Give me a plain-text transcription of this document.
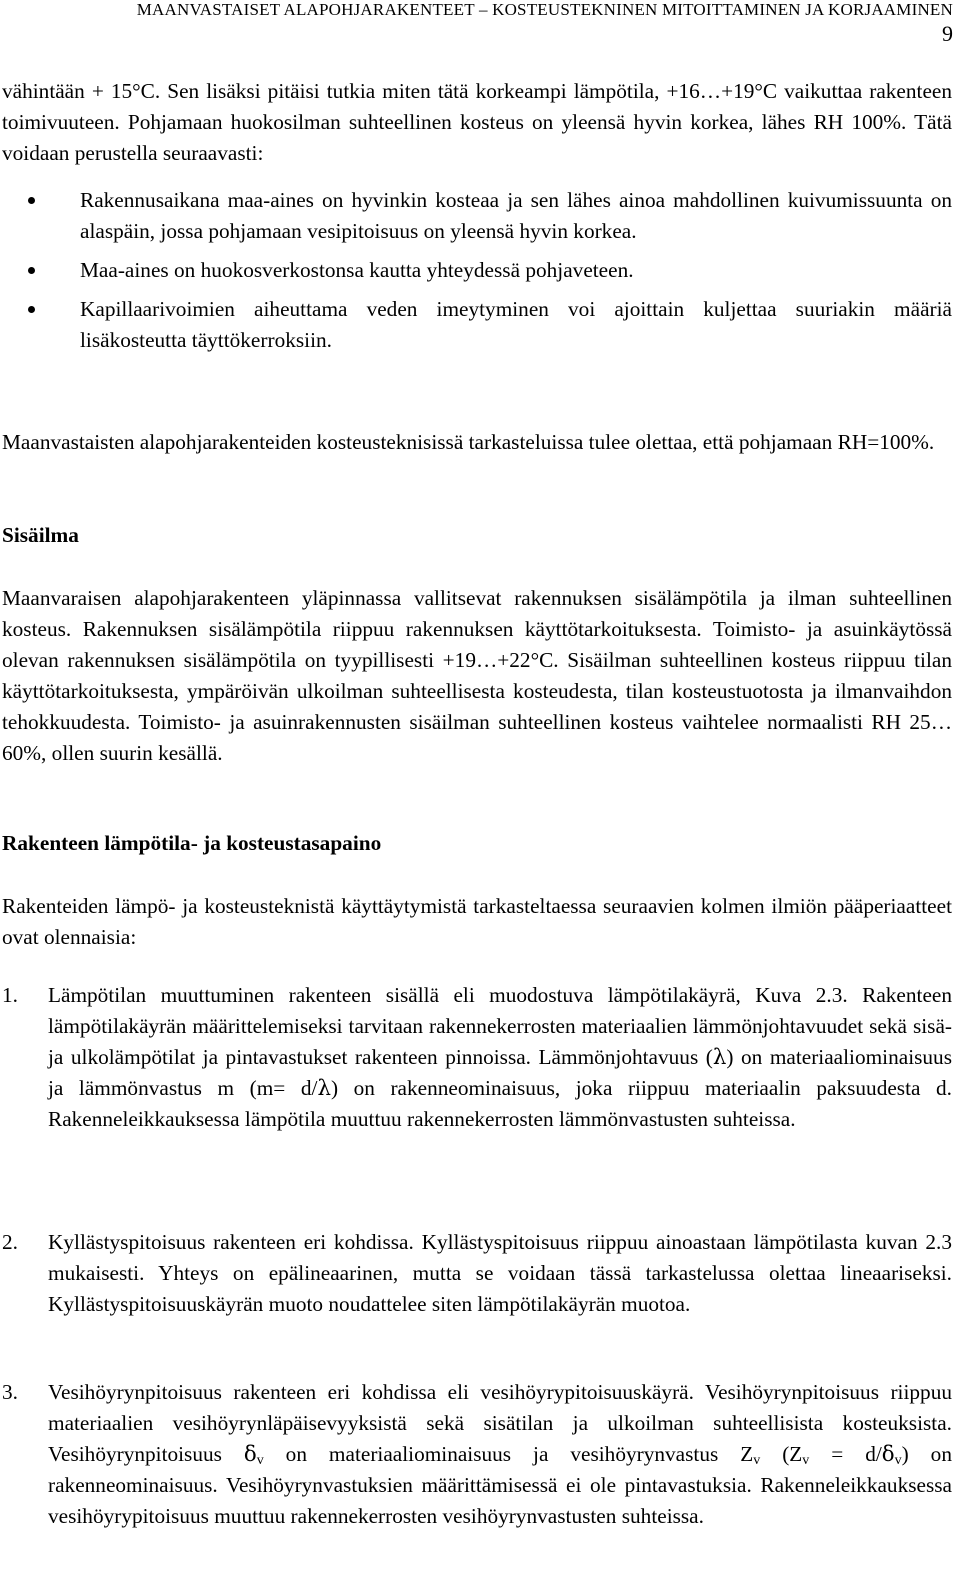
MAANVASTAISET ALAPOHJARAKENTEET – KOSTEUSTEKNINEN MITOITTAMINEN JA KORJAAMINEN
9
vähintään + 15°C. Sen lisäksi pitäisi tutkia miten tätä korkeampi lämpötila, +16…+19°C vaikuttaa rakenteen toimivuuteen. Pohjamaan huokosilman suhteellinen kosteus on yleensä hyvin korkea, lähes RH 100%. Tätä voidaan perustella seuraavasti:
Rakennusaikana maa-aines on hyvinkin kosteaa ja sen lähes ainoa mahdollinen kuivumissuunta on alaspäin, jossa pohjamaan vesipitoisuus on yleensä hyvin korkea.
Maa-aines on huokosverkostonsa kautta yhteydessä pohjaveteen.
Kapillaarivoimien aiheuttama veden imeytyminen voi ajoittain kuljettaa suuriakin määriä lisäkosteutta täyttökerroksiin.
Maanvastaisten alapohjarakenteiden kosteusteknisissä tarkasteluissa tulee olettaa, että pohjamaan RH=100%.
Sisäilma
Maanvaraisen alapohjarakenteen yläpinnassa vallitsevat rakennuksen sisälämpötila ja ilman suhteellinen kosteus. Rakennuksen sisälämpötila riippuu rakennuksen käyttötarkoituksesta. Toimisto- ja asuinkäytössä olevan rakennuksen sisälämpötila on tyypillisesti +19…+22°C. Sisäilman suhteellinen kosteus riippuu tilan käyttötarkoituksesta, ympäröivän ulkoilman suhteellisesta kosteudesta, tilan kosteustuotosta ja ilmanvaihdon tehokkuudesta. Toimisto- ja asuinrakennusten sisäilman suhteellinen kosteus vaihtelee normaalisti RH 25…60%, ollen suurin kesällä.
Rakenteen lämpötila- ja kosteustasapaino
Rakenteiden lämpö- ja kosteusteknistä käyttäytymistä tarkasteltaessa seuraavien kolmen ilmiön pääperiaatteet ovat olennaisia:
1. Lämpötilan muuttuminen rakenteen sisällä eli muodostuva lämpötilakäyrä, Kuva 2.3. Rakenteen lämpötilakäyrän määrittelemiseksi tarvitaan rakennekerrosten materiaalien lämmönjohtavuudet sekä sisä- ja ulkolämpötilat ja pintavastukset rakenteen pinnoissa. Lämmönjohtavuus (λ) on materiaaliominaisuus ja lämmönvastus m (m= d/λ) on rakenneominaisuus, joka riippuu materiaalin paksuudesta d. Rakenneleikkauksessa lämpötila muuttuu rakennekerrosten lämmönvastusten suhteissa.
2. Kyllästyspitoisuus rakenteen eri kohdissa. Kyllästyspitoisuus riippuu ainoastaan lämpötilasta kuvan 2.3 mukaisesti. Yhteys on epälineaarinen, mutta se voidaan tässä tarkastelussa olettaa lineaariseksi. Kyllästyspitoisuuskäyrän muoto noudattelee siten lämpötilakäyrän muotoa.
3. Vesihöyrynpitoisuus rakenteen eri kohdissa eli vesihöyrypitoisuuskäyrä. Vesihöyrynpitoisuus riippuu materiaalien vesihöyrynläpäisevyyksistä sekä sisätilan ja ulkoilman suhteellisista kosteuksista. Vesihöyrynpitoisuus $\delta_v$ on materiaaliominaisuus ja vesihöyrynvastus $Z_v$ $(Z_v = d/\delta_v)$ on rakenneominaisuus. Vesihöyrynvastuksien määrittämisessä ei ole pintavastuksia. Rakenneleikkauksessa vesihöyrypitoisuus muuttuu rakennekerrosten vesihöyrynvastusten suhteissa.
